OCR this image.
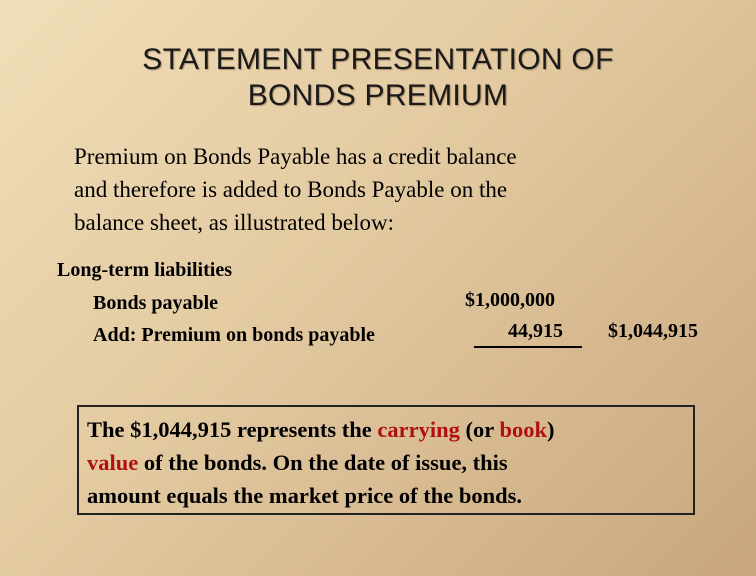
STATEMENT PRESENTATION OF
BONDS PREMIUM
Premium on Bonds Payable has a credit balance
and therefore is added to Bonds Payable on the
balance sheet, as illustrated below:
Long-term liabilities
Bonds payable	$1,000,000
Add: Premium on bonds payable	44,915 $1,044,915
The $1,044,915 represents the carrying (or book)
value of the bonds. On the date of issue, this
amount equals the market price of the bonds.
